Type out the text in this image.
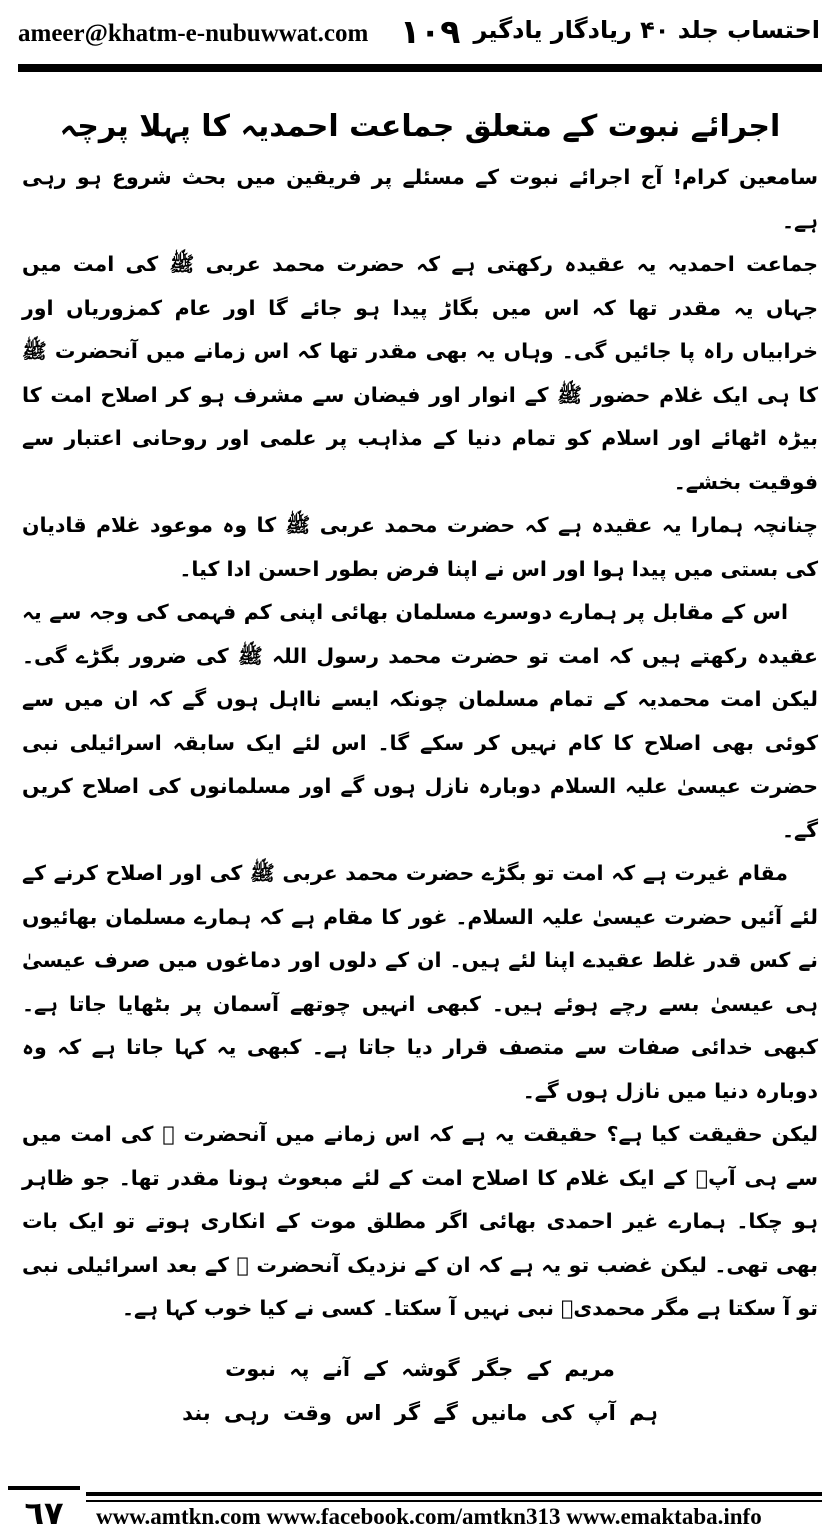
ameer@khatm-e-nubuwwat.com ۱۰۹ احتساب جلد ۴۰ ریادگار یادگیر
اجرائے نبوت کے متعلق جماعت احمدیہ کا پہلا پرچہ

سامعین کرام! آج اجرائے نبوت کے مسئلے پر فریقین میں بحث شروع ہو رہی ہے۔

جماعت احمدیہ یہ عقیدہ رکھتی ہے کہ حضرت محمد عربی ﷺ کی امت میں جہاں یہ مقدر تھا کہ اس میں بگاڑ پیدا ہو جائے گا اور عام کمزوریاں اور خرابیاں راہ پا جائیں گی۔ وہاں یہ بھی مقدر تھا کہ اس زمانے میں آنحضرت ﷺ کا ہی ایک غلام حضور ﷺ کے انوار اور فیضان سے مشرف ہو کر اصلاح امت کا بیڑہ اٹھائے اور اسلام کو تمام دنیا کے مذاہب پر علمی اور روحانی اعتبار سے فوقیت بخشے۔

چنانچہ ہمارا یہ عقیدہ ہے کہ حضرت محمد عربی ﷺ کا وہ موعود غلام قادیان کی بستی میں پیدا ہوا اور اس نے اپنا فرض بطور احسن ادا کیا۔

اس کے مقابل پر ہمارے دوسرے مسلمان بھائی اپنی کم فہمی کی وجہ سے یہ عقیدہ رکھتے ہیں کہ امت تو حضرت محمد رسول اللہ ﷺ کی ضرور بگڑے گی۔ لیکن امت محمدیہ کے تمام مسلمان چونکہ ایسے نااہل ہوں گے کہ ان میں سے کوئی بھی اصلاح کا کام نہیں کر سکے گا۔ اس لئے ایک سابقہ اسرائیلی نبی حضرت عیسیٰ علیہ السلام دوبارہ نازل ہوں گے اور مسلمانوں کی اصلاح کریں گے۔

مقام غیرت ہے کہ امت تو بگڑے حضرت محمد عربی ﷺ کی اور اصلاح کرنے کے لئے آئیں حضرت عیسیٰ علیہ السلام۔ غور کا مقام ہے کہ ہمارے مسلمان بھائیوں نے کس قدر غلط عقیدے اپنا لئے ہیں۔ ان کے دلوں اور دماغوں میں صرف عیسیٰ ہی عیسیٰ بسے رچے ہوئے ہیں۔ کبھی انہیں چوتھے آسمان پر بٹھایا جاتا ہے۔ کبھی خدائی صفات سے متصف قرار دیا جاتا ہے۔ کبھی یہ کہا جاتا ہے کہ وہ دوبارہ دنیا میں نازل ہوں گے۔

لیکن حقیقت کیا ہے؟ حقیقت یہ ہے کہ اس زمانے میں آنحضرت ﷺ کی امت میں سے ہی آپؐ کے ایک غلام کا اصلاح امت کے لئے مبعوث ہونا مقدر تھا۔ جو ظاہر ہو چکا۔ ہمارے غیر احمدی بھائی اگر مطلق موت کے انکاری ہوتے تو ایک بات بھی تھی۔ لیکن غضب تو یہ ہے کہ ان کے نزدیک آنحضرت ﷺ کے بعد اسرائیلی نبی تو آ سکتا ہے مگر محمدیؐ نبی نہیں آ سکتا۔ کسی نے کیا خوب کہا ہے۔

مریم کے جگر گوشہ کے آنے پہ نبوت
ہم آپ کی مانیں گے گر اس وقت رہی بند
٦٧	www.amtkn.com www.facebook.com/amtkn313 www.emaktaba.info
